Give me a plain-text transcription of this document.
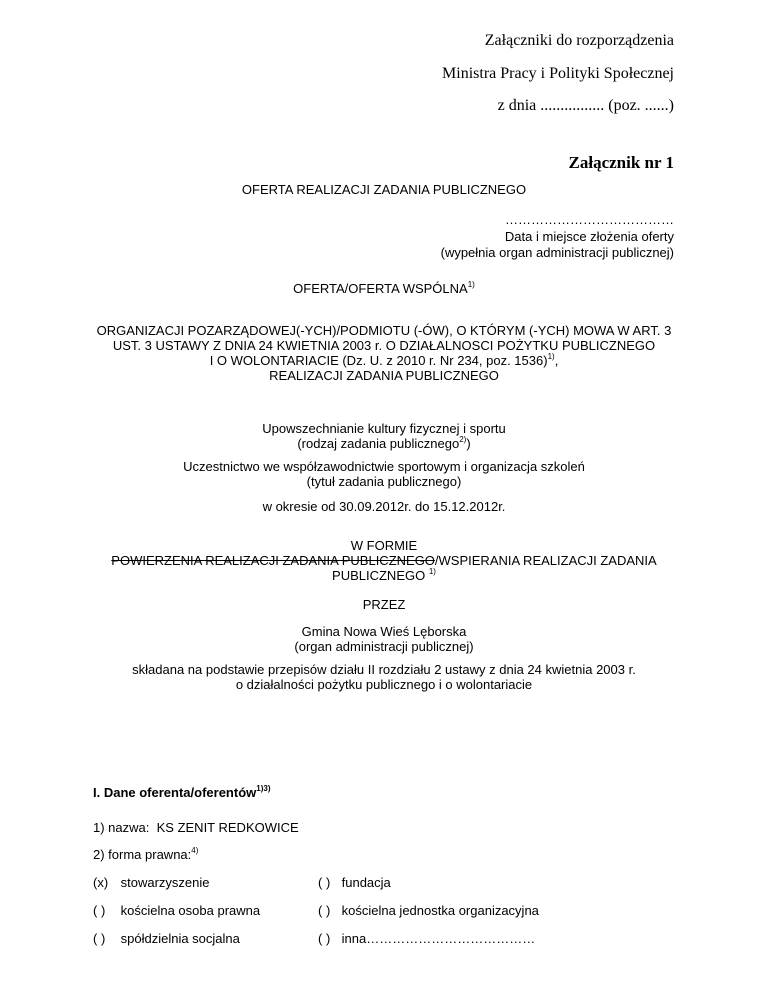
Załączniki do rozporządzenia
Ministra Pracy i Polityki Społecznej
z dnia ................ (poz. ......)
Załącznik nr 1
OFERTA REALIZACJI ZADANIA PUBLICZNEGO
…………………………………
Data i miejsce złożenia oferty
(wypełnia organ administracji publicznej)
OFERTA/OFERTA WSPÓLNA$^{1)}$
ORGANIZACJI POZARZĄDOWEJ(-YCH)/PODMIOTU (-ÓW), O KTÓRYM (-YCH) MOWA W ART. 3
UST. 3 USTAWY Z DNIA 24 KWIETNIA 2003 r. O DZIAŁALNOSCI POŻYTKU PUBLICZNEGO
I O WOLONTARIACIE (Dz. U. z 2010 r. Nr 234, poz. 1536)$^{1)}$,
REALIZACJI ZADANIA PUBLICZNEGO
Upowszechnianie kultury fizycznej i sportu
(rodzaj zadania publicznego$^{2)}$)
Uczestnictwo we współzawodnictwie sportowym i organizacja szkoleń
(tytuł zadania publicznego)
w okresie od 30.09.2012r. do 15.12.2012r.
W FORMIE
POWIERZENIA REALIZACJI ZADANIA PUBLICZNEGO/WSPIERANIA REALIZACJI ZADANIA
PUBLICZNEGO $^{1)}$
PRZEZ
Gmina Nowa Wieś Lęborska
(organ administracji publicznej)
składana na podstawie przepisów działu II rozdziału 2 ustawy z dnia 24 kwietnia 2003 r.
o działalności pożytku publicznego i o wolontariacie
I. Dane oferenta/oferentów$^{1)3)}$
1) nazwa: KS ZENIT REDKOWICE
2) forma prawna:$^{4)}$
(x) stowarzyszenie	( ) fundacja
( ) kościelna osoba prawna	( ) kościelna jednostka organizacyjna
( ) spółdzielnia socjalna	( ) inna…………………………………
